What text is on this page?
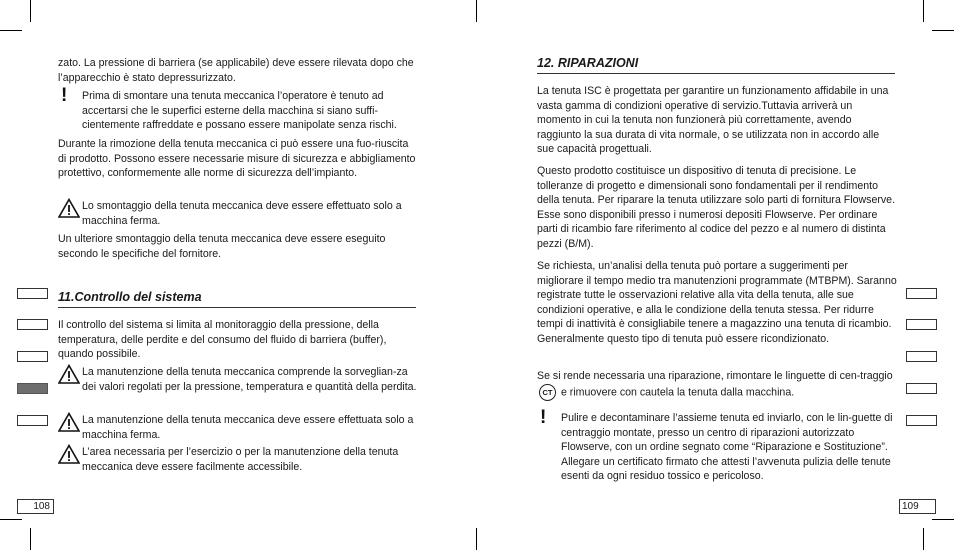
zato. La pressione di barriera (se applicabile) deve essere rilevata dopo che l’apparecchio è stato depressurizzato.

! Prima di smontare una tenuta meccanica l’operatore è tenuto ad accertarsi che le superfici esterne della macchina si siano suffi-cientemente raffreddate e possano essere manipolate senza rischi.

Durante la rimozione della tenuta meccanica ci può essere una fuo-riuscita di prodotto. Possono essere necessarie misure di sicurezza e abbigliamento protettivo, conformemente alle norme di sicurezza dell’impianto.

Lo smontaggio della tenuta meccanica deve essere effettuato solo a macchina ferma.

Un ulteriore smontaggio della tenuta meccanica deve essere eseguito secondo le specifiche del fornitore.

11.Controllo del sistema

Il controllo del sistema si limita al monitoraggio della pressione, della temperatura, delle perdite e del consumo del fluido di barriera (buffer), quando possibile.

La manutenzione della tenuta meccanica comprende la sorveglian-za dei valori regolati per la pressione, temperatura e quantità della perdita.

La manutenzione della tenuta meccanica deve essere effettuata solo a macchina ferma.

L’area necessaria per l’esercizio o per la manutenzione della tenuta meccanica deve essere facilmente accessibile.

108
12. RIPARAZIONI

La tenuta ISC è progettata per garantire un funzionamento affidabile in una vasta gamma di condizioni operative di servizio.Tuttavia arriverà un momento in cui la tenuta non funzionerà più correttamente, avendo raggiunto la sua durata di vita normale, o se utilizzata non in accordo alle sue capacità progettuali.

Questo prodotto costituisce un dispositivo di tenuta di precisione. Le tolleranze di progetto e dimensionali sono fondamentali per il rendimento della tenuta. Per riparare la tenuta utilizzare solo parti di fornitura Flowserve. Esse sono disponibili presso i numerosi depositi Flowserve. Per ordinare parti di ricambio fare riferimento al codice del pezzo e al numero di distinta pezzi (B/M).

Se richiesta, un’analisi della tenuta può portare a suggerimenti per migliorare il tempo medio tra manutenzioni programmate (MTBPM). Saranno registrate tutte le osservazioni relative alla vita della tenuta, alle sue condizioni operative, e alla le condizione della tenuta stessa. Per ridurre tempi di inattività è consigliabile tenere a magazzino una tenuta di ricambio. Generalmente questo tipo di tenuta può essere ricondizionato.

Se si rende necessaria una riparazione, rimontare le linguette di cen-traggio CT e rimuovere con cautela la tenuta dalla macchina.

! Pulire e decontaminare l’assieme tenuta ed inviarlo, con le lin-guette di centraggio montate, presso un centro di riparazioni autorizzato Flowserve, con un ordine segnato come “Riparazione e Sostituzione”. Allegare un certificato firmato che attesti l’avvenuta pulizia delle tenute esenti da ogni residuo tossico e pericoloso.

109
